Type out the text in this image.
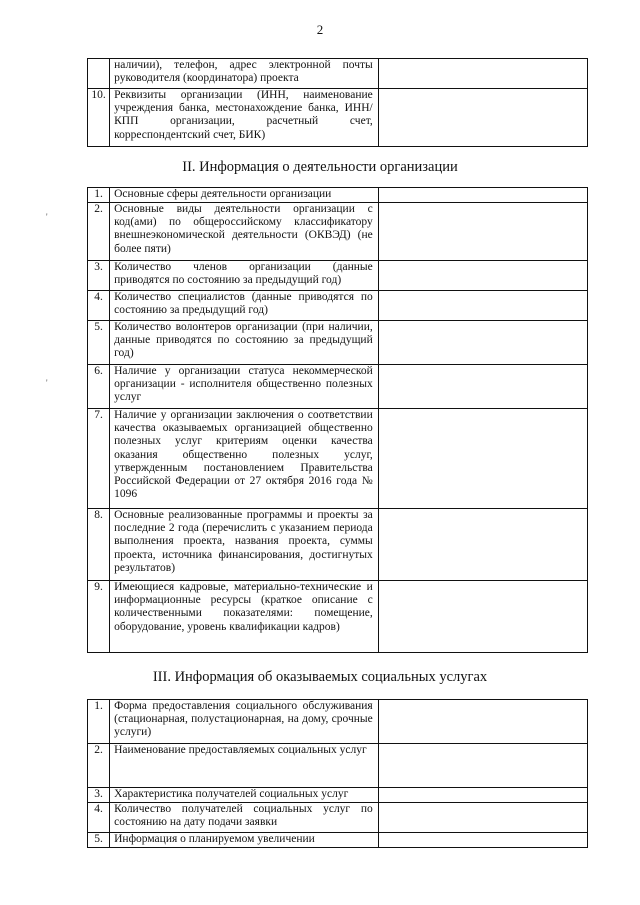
2
'
'
	наличии), телефон, адрес электронной почты руководителя (координатора) проекта	
10.	Реквизиты организации (ИНН, наименование учреждения банка, местонахождение банка, ИНН/КПП организации, расчетный счет, корреспондентский счет, БИК)	
II. Информация о деятельности организации
1.	Основные сферы деятельности организации	
2.	Основные виды деятельности организации с код(ами) по общероссийскому классификатору внешнеэкономической деятельности (ОКВЭД) (не более пяти)	
3.	Количество членов организации (данные приводятся по состоянию за предыдущий год)	
4.	Количество специалистов (данные приводятся по состоянию за предыдущий год)	
5.	Количество волонтеров организации (при наличии, данные приводятся по состоянию за предыдущий год)	
6.	Наличие у организации статуса некоммерческой организации - исполнителя общественно полезных услуг	
7.	Наличие у организации заключения о соответствии качества оказываемых организацией общественно полезных услуг критериям оценки качества оказания общественно полезных услуг, утвержденным постановлением Правительства Российской Федерации от 27 октября 2016 года № 1096	
8.	Основные реализованные программы и проекты за последние 2 года (перечислить с указанием периода выполнения проекта, названия проекта, суммы проекта, источника финансирования, достигнутых результатов)	
9.	Имеющиеся кадровые, материально-технические и информационные ресурсы (краткое описание с количественными показателями: помещение, оборудование, уровень квалификации кадров)	
III. Информация об оказываемых социальных услугах
1.	Форма предоставления социального обслуживания (стационарная, полустационарная, на дому, срочные услуги)	
2.	Наименование предоставляемых социальных услуг	
3.	Характеристика получателей социальных услуг	
4.	Количество получателей социальных услуг по состоянию на дату подачи заявки	
5.	Информация о планируемом увеличении	
